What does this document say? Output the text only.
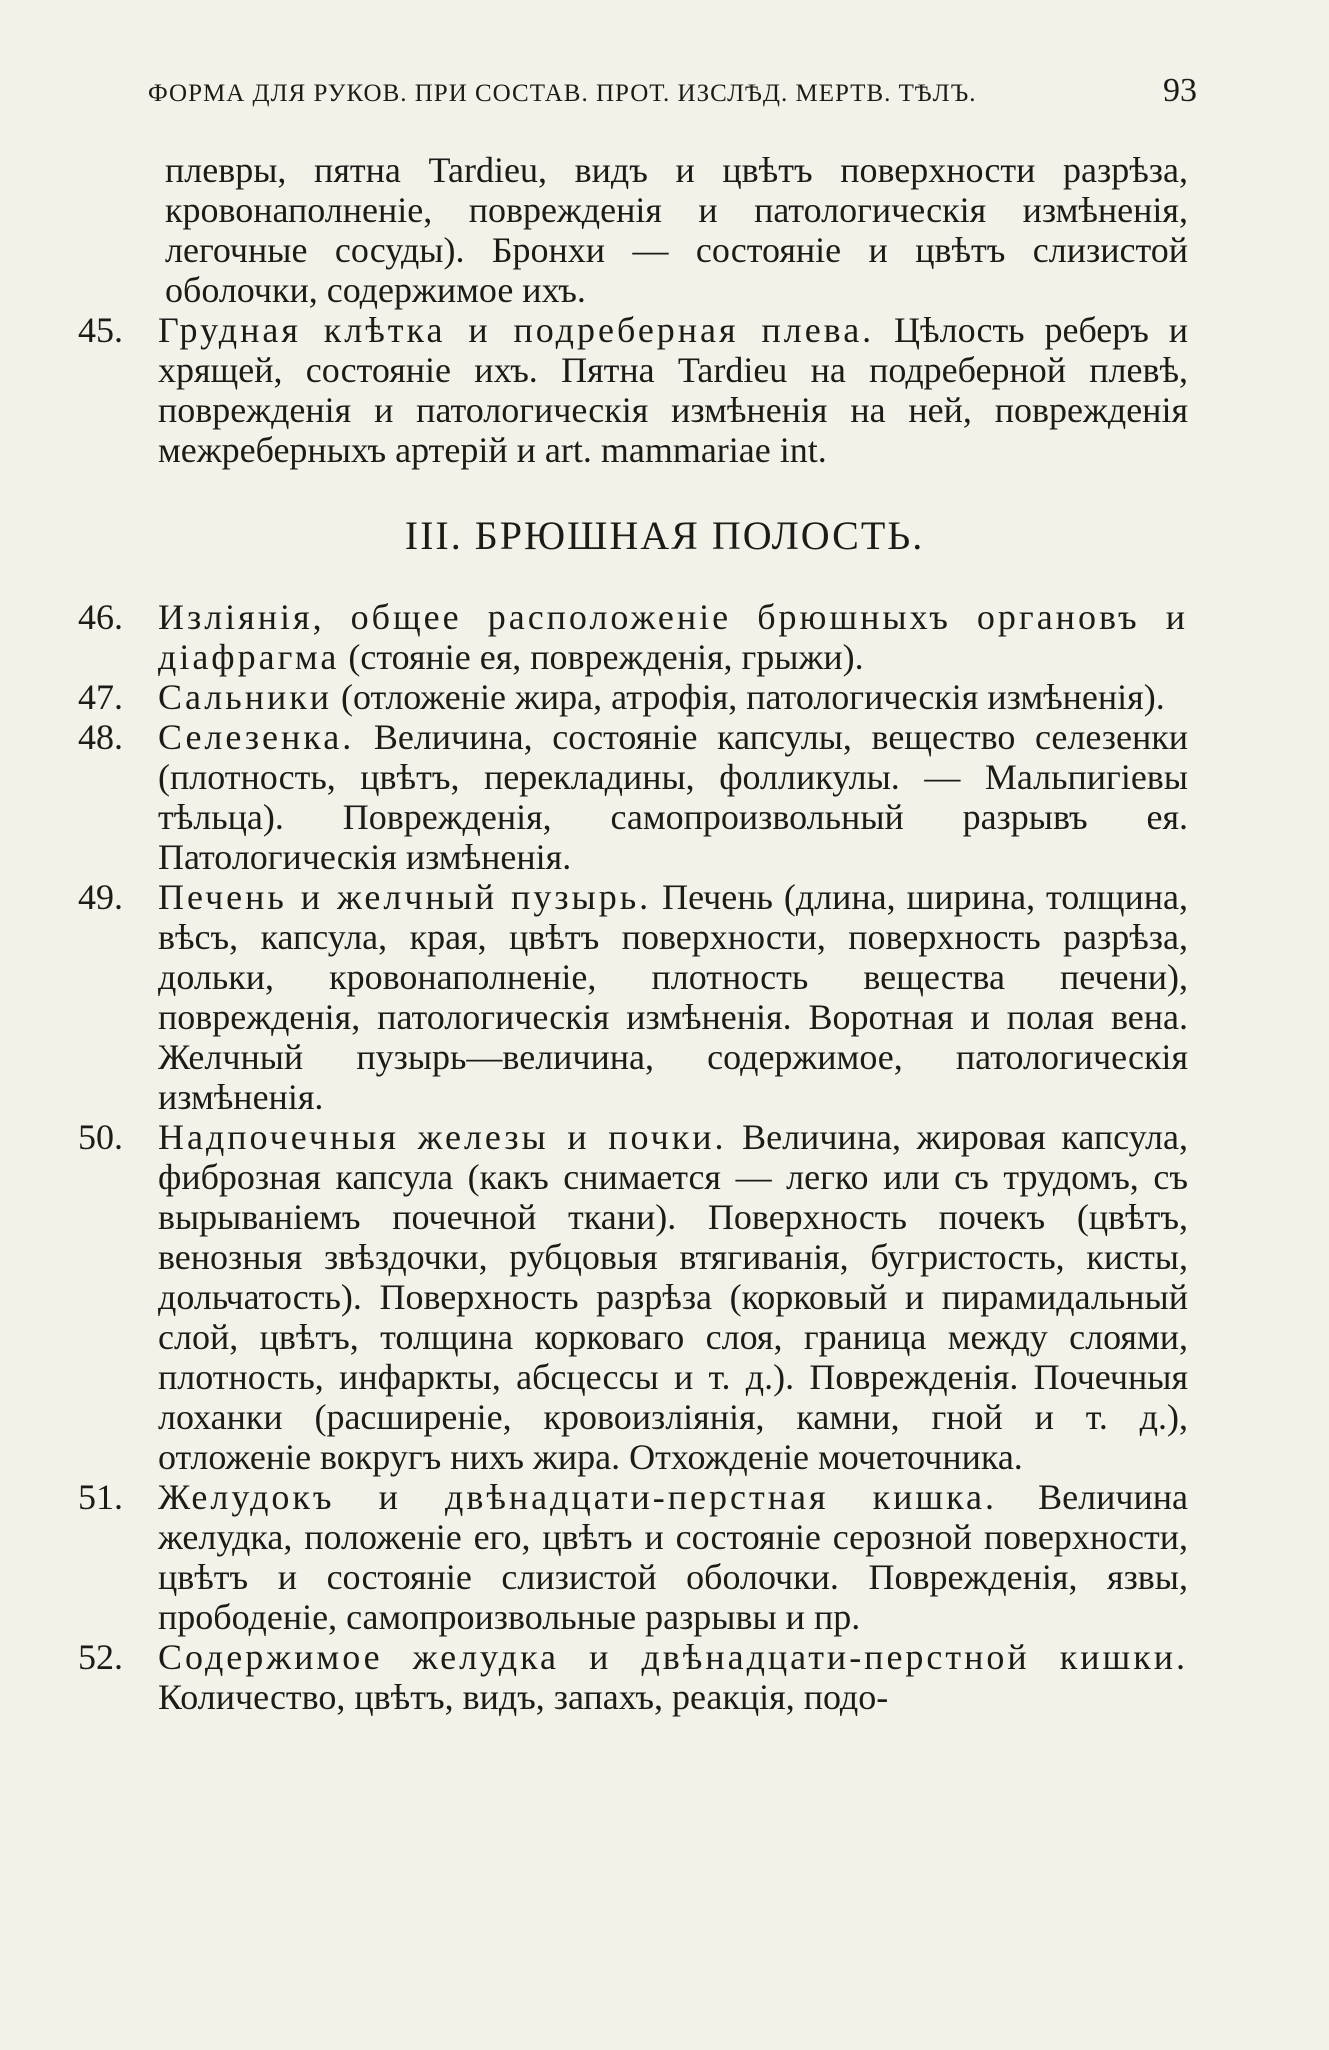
ФОРМА ДЛЯ РУКОВ. ПРИ СОСТАВ. ПРОТ. ИЗСЛѢД. МЕРТВ. ТѢЛЪ.	93
плевры, пятна Tardieu, видъ и цвѣтъ поверхности разрѣза, кровонаполненіе, поврежденія и патологическія измѣненія, легочные сосуды). Бронхи — состояніе и цвѣтъ слизистой оболочки, содержимое ихъ.
45. Грудная клѣтка и подреберная плева. Цѣлость реберъ и хрящей, состояніе ихъ. Пятна Tardieu на подреберной плевѣ, поврежденія и патологическія измѣненія на ней, поврежденія межреберныхъ артерій и art. mammariae int.
III. БРЮШНАЯ ПОЛОСТЬ.
46. Изліянія, общее расположеніе брюшныхъ органовъ и діафрагма (стояніе ея, поврежденія, грыжи).
47. Сальники (отложеніе жира, атрофія, патологическія измѣненія).
48. Селезенка. Величина, состояніе капсулы, вещество селезенки (плотность, цвѣтъ, перекладины, фолликулы. — Мальпигіевы тѣльца). Поврежденія, самопроизвольный разрывъ ея. Патологическія измѣненія.
49. Печень и желчный пузырь. Печень (длина, ширина, толщина, вѣсъ, капсула, края, цвѣтъ поверхности, поверхность разрѣза, дольки, кровонаполненіе, плотность вещества печени), поврежденія, патологическія измѣненія. Воротная и полая вена. Желчный пузырь—величина, содержимое, патологическія измѣненія.
50. Надпочечныя железы и почки. Величина, жировая капсула, фиброзная капсула (какъ снимается — легко или съ трудомъ, съ вырываніемъ почечной ткани). Поверхность почекъ (цвѣтъ, венозныя звѣздочки, рубцовыя втягиванія, бугристость, кисты, дольчатость). Поверхность разрѣза (корковый и пирамидальный слой, цвѣтъ, толщина корковаго слоя, граница между слоями, плотность, инфаркты, абсцессы и т. д.). Поврежденія. Почечныя лоханки (расширеніе, кровоизліянія, камни, гной и т. д.), отложеніе вокругъ нихъ жира. Отхожденіе мочеточника.
51. Желудокъ и двѣнадцати-перстная кишка. Величина желудка, положеніе его, цвѣтъ и состояніе серозной поверхности, цвѣтъ и состояніе слизистой оболочки. Поврежденія, язвы, прободеніе, самопроизвольные разрывы и пр.
52. Содержимое желудка и двѣнадцати-перстной кишки. Количество, цвѣтъ, видъ, запахъ, реакція, подо-
